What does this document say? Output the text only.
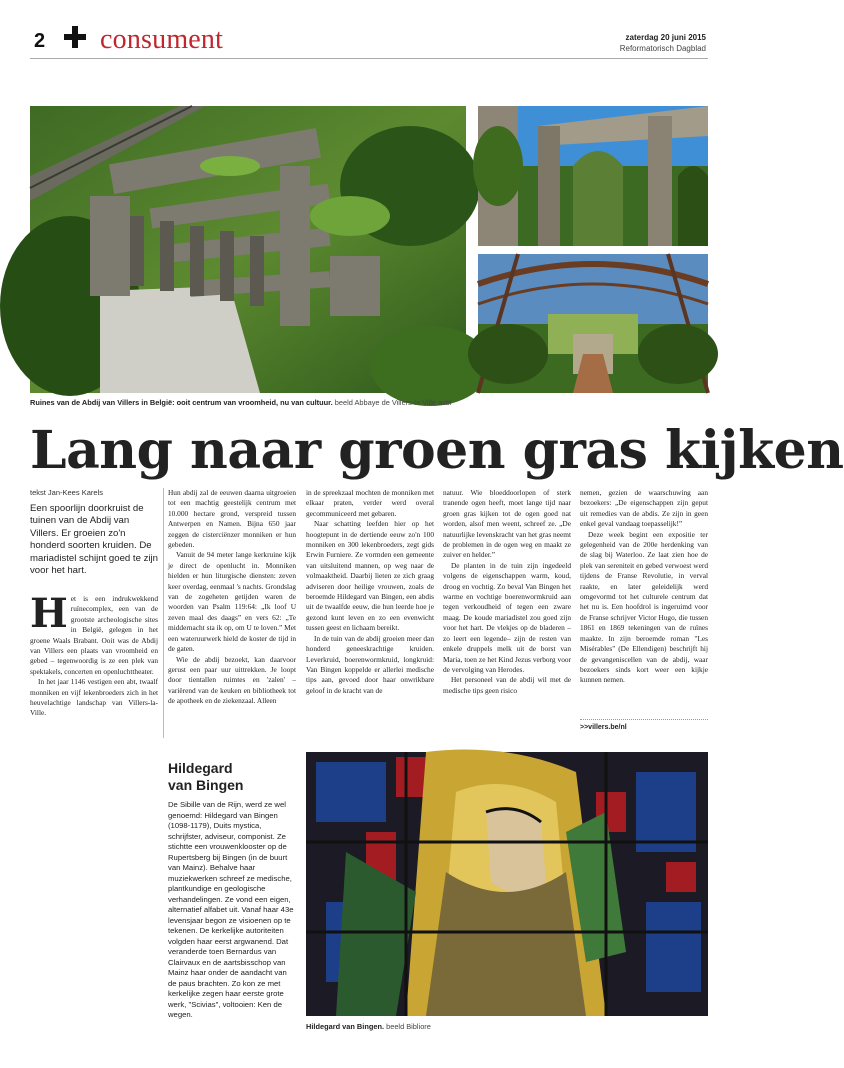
2 consument	zaterdag 20 juni 2015
Reformatorisch Dagblad
Ruines van de Abdij van Villers in België: ooit centrum van vroomheid, nu van cultuur. beeld Abbaye de Villers-la Ville asbl
Lang naar groen gras kijken
tekst Jan-Kees Karels
Een spoorlijn doorkruist de tuinen van de Abdij van Villers. Er groeien zo'n honderd soorten kruiden. De mariadistel schijnt goed te zijn voor het hart.
H et is een indrukwekkend ruïnecomplex, een van de grootste archeologische sites in België, gelegen in het groene Waals Brabant. Ooit was de Abdij van Villers een plaats van vroomheid en gebed – tegenwoordig is ze een plek van spektakels, concerten en openluchttheater.

In het jaar 1146 vestigen een abt, twaalf monniken en vijf lekenbroeders zich in het heuvelachtige landschap van Villers-la-Ville.

Hun abdij zal de eeuwen daarna uitgroeien tot een machtig geestelijk centrum met 10.000 hectare grond, verspreid tussen Antwerpen en Namen. Bijna 650 jaar zeggen de cisterciënzer monniken er hun gebeden.

Vanuit de 94 meter lange kerkruine kijk je direct de openlucht in. Monniken hielden er hun liturgische diensten: zeven keer overdag, eenmaal 's nachts. Grondslag van de zogeheten getijden waren de woorden van Psalm 119:64: „Ik loof U zeven maal des daags” en vers 62: „Te middernacht sta ik op, om U te loven.” Met een wateruurwerk hield de koster de tijd in de gaten.

Wie de abdij bezoekt, kan daarvoor gerust een paar uur uittrekken. Je loopt door tientallen ruimtes en 'zalen' – variërend van de keuken en bibliotheek tot de apotheek en de ziekenzaal. Alleen

in de spreekzaal mochten de monniken met elkaar praten, verder werd overal gecommuniceerd met gebaren.

Naar schatting leefden hier op het hoogtepunt in de dertiende eeuw zo'n 100 monniken en 300 lekenbroeders, zegt gids Erwin Furniere. Ze vormden een gemeente van uitsluitend mannen, op weg naar de volmaaktheid. Daarbij lieten ze zich graag adviseren door heilige vrouwen, zoals de beroemde Hildegard van Bingen, een abdis uit de twaalfde eeuw, die hun leerde hoe je gezond kunt leven en zo een evenwicht tussen geest en lichaam bereikt.

In de tuin van de abdij groeien meer dan honderd geneeskrachtige kruiden. Leverkruid, boerenwormkruid, longkruid: Van Bingen koppelde er allerlei medische tips aan, gevoed door haar onwrikbare geloof in de kracht van de

natuur. Wie bloeddoorlopen of sterk tranende ogen heeft, moet lange tijd naar groen gras kijken tot de ogen goed nat worden, alsof men weent, schreef ze. „De natuurlijke levenskracht van het gras neemt de problemen in de ogen weg en maakt ze zuiver en helder.”

De planten in de tuin zijn ingedeeld volgens de eigenschappen warm, koud, droog en vochtig. Zo beval Van Bingen het warme en vochtige boerenwormkruid aan tegen verkoudheid of tegen een zware maag. De koude mariadistel zou goed zijn voor het hart. De vlekjes op de bladeren –zo leert een legende– zijn de resten van enkele druppels melk uit de borst van Maria, toen ze het Kind Jezus verborg voor de vervolging van Herodes.

Het personeel van de abdij wil met de medische tips geen risico

nemen, gezien de waarschuwing aan bezoekers: „De eigenschappen zijn geput uit remedies van de abdis. Ze zijn in geen enkel geval vandaag toepasselijk!”

Deze week begint een expositie ter gelegenheid van de 200e herdenking van de slag bij Waterloo. Ze laat zien hoe de plek van sereniteit en gebed verwoest werd tijdens de Franse Revolutie, in verval raakte, en later geleidelijk werd omgevormd tot het culturele centrum dat het nu is. Een hoofdrol is ingeruimd voor de Franse schrijver Victor Hugo, die tussen 1861 en 1869 tekeningen van de ruïnes maakte. In zijn beroemde roman "Les Misérables" (De Ellendigen) beschrijft hij de gevangeniscellen van de abdij, waar bezoekers sinds kort weer een kijkje kunnen nemen.

>>villers.be/nl
Hildegard
van Bingen
De Sibille van de Rijn, werd ze wel genoemd: Hildegard van Bingen (1098-1179), Duits mystica, schrijfster, adviseur, componist. Ze stichtte een vrouwenklooster op de Rupertsberg bij Bingen (in de buurt van Mainz). Behalve haar muziekwerken schreef ze medische, plantkundige en geologische verhandelingen. Ze vond een eigen, alternatief alfabet uit. Vanaf haar 43e levensjaar begon ze visioenen op te tekenen. De kerkelijke autoriteiten volgden haar eerst argwanend. Dat veranderde toen Bernardus van Clairvaux en de aartsbisschop van Mainz haar onder de aandacht van de paus brachten. Zo kon ze met kerkelijke zegen haar eerste grote werk, "Scivias", voltooien: Ken de wegen.
Hildegard van Bingen. beeld Bibliore
